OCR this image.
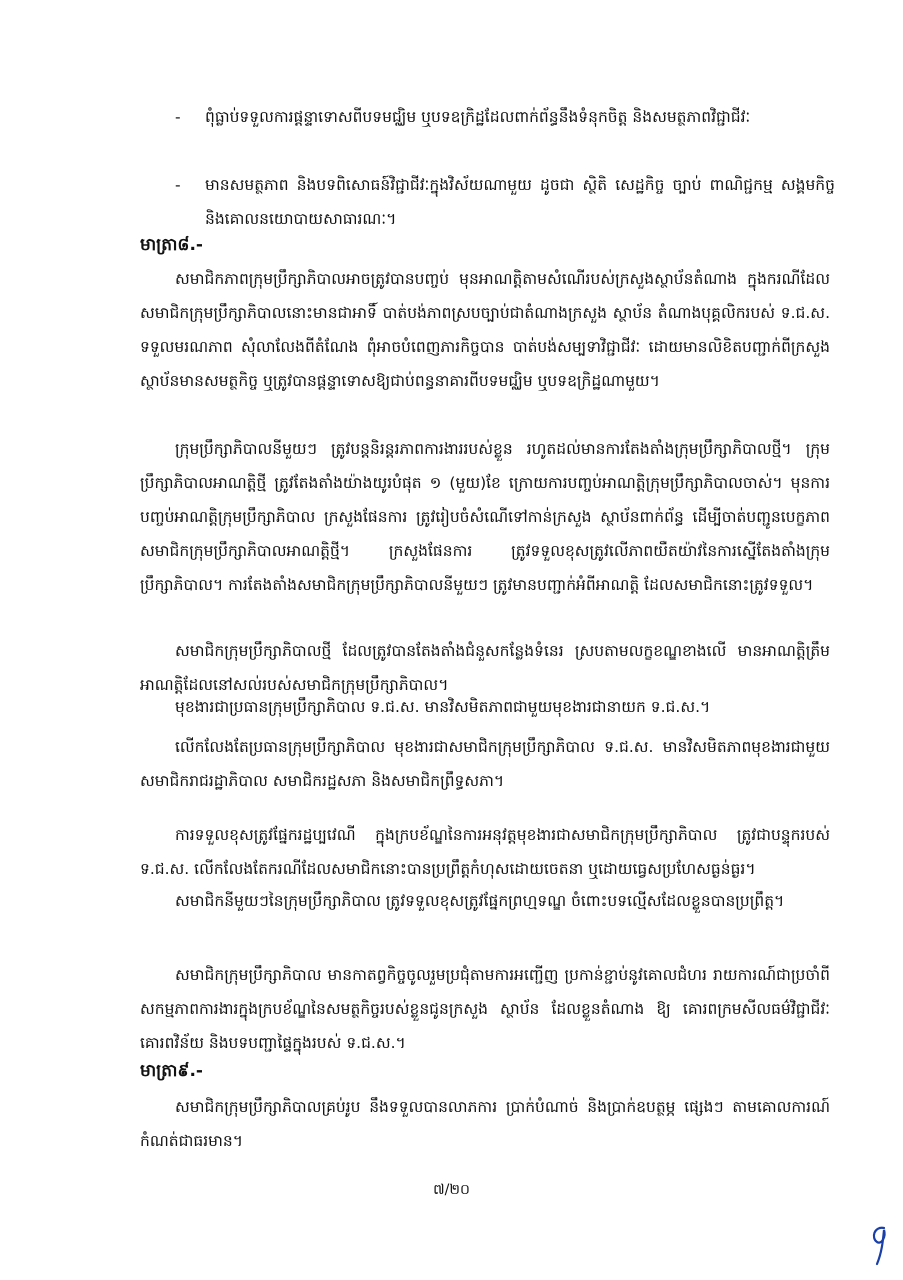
- ពុំធ្លាប់ទទួលការផ្តន្ទាទោសពីបទមជ្ឈិម ឬបទឧក្រិដ្ឋដែលពាក់ព័ន្ធនឹងទំនុកចិត្ត និងសមត្ថភាពវិជ្ជាជីវៈ
- មានសមត្ថភាព និងបទពិសោធន៍វិជ្ជាជីវៈក្នុងវិស័យណាមួយ ដូចជា ស្ថិតិ សេដ្ឋកិច្ច ច្បាប់ ពាណិជ្ជកម្ម សង្គមកិច្ច និងគោលនយោបាយសាធារណៈ។
មាត្រា៨.-

សមាជិកភាពក្រុមប្រឹក្សាភិបាលអាចត្រូវបានបញ្ចប់ មុនអាណត្តិតាមសំណើរបស់ក្រសួងស្ថាប័នតំណាង ក្នុងករណីដែលសមាជិកក្រុមប្រឹក្សាភិបាលនោះមានជាអាទិ៍ បាត់បង់ភាពស្របច្បាប់ជាតំណាងក្រសួង ស្ថាប័ន តំណាងបុគ្គលិករបស់ ទ.ជ.ស. ទទួលមរណភាព សុំលាលែងពីតំណែង ពុំអាចបំពេញភារកិច្ចបាន បាត់បង់សម្បទាវិជ្ជាជីវៈ ដោយមានលិខិតបញ្ជាក់ពីក្រសួង ស្ថាប័នមានសមត្ថកិច្ច ឬត្រូវបានផ្តន្ទាទោសឱ្យជាប់ពន្ធនាគារពីបទមជ្ឈិម ឬបទឧក្រិដ្ឋណាមួយ។

ក្រុមប្រឹក្សាភិបាលនីមួយៗ ត្រូវបន្តនិរន្តរភាពការងាររបស់ខ្លួន រហូតដល់មានការតែងតាំងក្រុមប្រឹក្សាភិបាលថ្មី។ ក្រុមប្រឹក្សាភិបាលអាណត្តិថ្មី ត្រូវតែងតាំងយ៉ាងយូរបំផុត ១ (មួយ)ខែ ក្រោយការបញ្ចប់អាណត្តិក្រុមប្រឹក្សាភិបាលចាស់។ មុនការបញ្ចប់អាណត្តិក្រុមប្រឹក្សាភិបាល ក្រសួងផែនការ ត្រូវរៀបចំសំណើទៅកាន់ក្រសួង ស្ថាប័នពាក់ព័ន្ធ ដើម្បីចាត់បញ្ជូនបេក្ខភាពសមាជិកក្រុមប្រឹក្សាភិបាលអាណត្តិថ្មី។ ក្រសួងផែនការ ត្រូវទទួលខុសត្រូវលើភាពយឺតយ៉ាវនៃការស្នើតែងតាំងក្រុមប្រឹក្សាភិបាល។ ការតែងតាំងសមាជិកក្រុមប្រឹក្សាភិបាលនីមួយៗ ត្រូវមានបញ្ជាក់អំពីអាណត្តិ ដែលសមាជិកនោះត្រូវទទួល។

សមាជិកក្រុមប្រឹក្សាភិបាលថ្មី ដែលត្រូវបានតែងតាំងជំនួសកន្លែងទំនេរ ស្របតាមលក្ខខណ្ឌខាងលើ មានអាណត្តិត្រឹមអាណត្តិដែលនៅសល់របស់សមាជិកក្រុមប្រឹក្សាភិបាល។

មុខងារជាប្រធានក្រុមប្រឹក្សាភិបាល ទ.ជ.ស. មានវិសមិតភាពជាមួយមុខងារជានាយក ទ.ជ.ស.។

លើកលែងតែប្រធានក្រុមប្រឹក្សាភិបាល មុខងារជាសមាជិកក្រុមប្រឹក្សាភិបាល ទ.ជ.ស. មានវិសមិតភាពមុខងារជាមួយសមាជិករាជរដ្ឋាភិបាល សមាជិករដ្ឋសភា និងសមាជិកព្រឹទ្ធសភា។

ការទទួលខុសត្រូវផ្នែករដ្ឋប្បវេណី ក្នុងក្របខ័ណ្ឌនៃការអនុវត្តមុខងារជាសមាជិកក្រុមប្រឹក្សាភិបាល ត្រូវជាបន្ទុករបស់ ទ.ជ.ស. លើកលែងតែករណីដែលសមាជិកនោះបានប្រព្រឹត្តកំហុសដោយចេតនា ឬដោយធ្វេសប្រហែសធ្ងន់ធ្ងរ។

សមាជិកនីមួយៗនៃក្រុមប្រឹក្សាភិបាល ត្រូវទទួលខុសត្រូវផ្នែកព្រហ្មទណ្ឌ ចំពោះបទល្មើសដែលខ្លួនបានប្រព្រឹត្ត។

សមាជិកក្រុមប្រឹក្សាភិបាល មានកាតព្វកិច្ចចូលរួមប្រជុំតាមការអញ្ជើញ ប្រកាន់ខ្ជាប់នូវគោលជំហរ រាយការណ៍ជាប្រចាំពីសកម្មភាពការងារក្នុងក្របខ័ណ្ឌនៃសមត្ថកិច្ចរបស់ខ្លួនជូនក្រសួង ស្ថាប័ន ដែលខ្លួនតំណាង ឱ្យ គោរពក្រមសីលធម៌វិជ្ជាជីវៈ គោរពវិន័យ និងបទបញ្ជាផ្ទៃក្នុងរបស់ ទ.ជ.ស.។

មាត្រា៩.-

សមាជិកក្រុមប្រឹក្សាភិបាលគ្រប់រូប នឹងទទួលបានលាភការ ប្រាក់បំណាច់ និងប្រាក់ឧបត្ថម្ភ ផ្សេងៗ តាមគោលការណ៍កំណត់ជាធរមាន។

៧/២០
